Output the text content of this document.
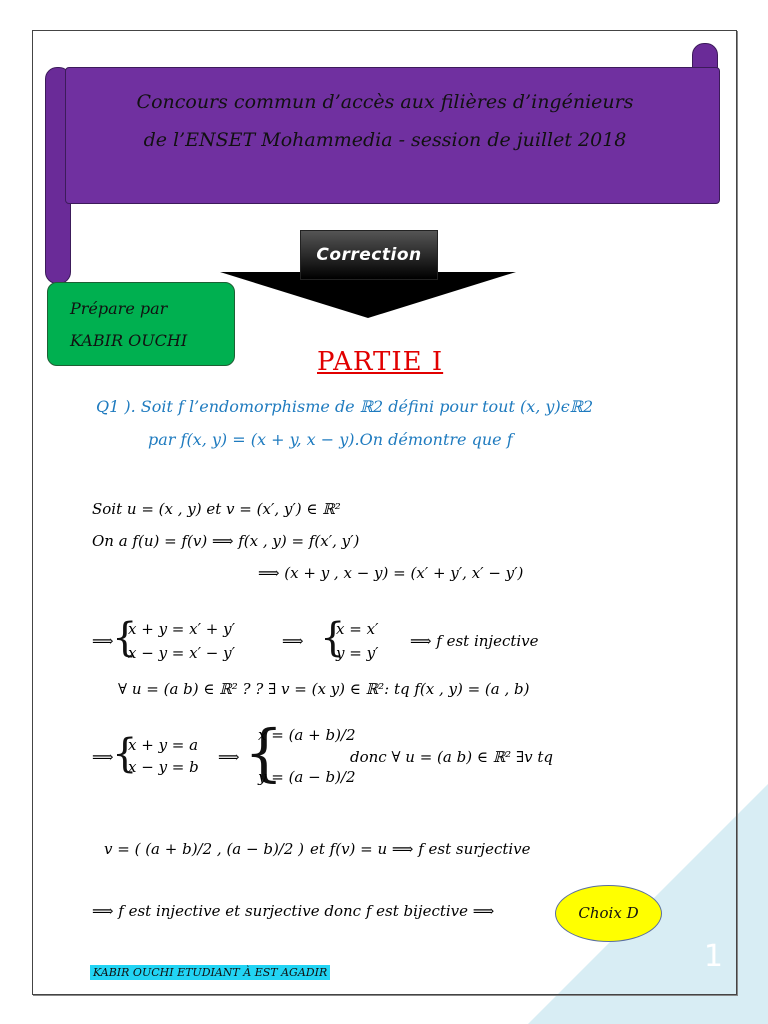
1
Concours commun d’accès aux filières d’ingénieurs
de l’ENSET Mohammedia - session de juillet 2018
Correction
Prépare par
KABIR OUCHI
PARTIE I
Q1 ). Soit f l’endomorphisme de ℝ2 défini pour tout (x, y)ϵℝ2
par f(x, y) = (x + y, x − y).On démontre que f
Soit u = (x , y) et v = (x′, y′) ∈ ℝ²
On a f(u) = f(v) ⟹ f(x , y) = f(x′, y′)
⟹ (x + y , x − y) = (x′ + y′, x′ − y′)
⟹
{
x + y = x′ + y′
x − y = x′ − y′
⟹ {
x = x′
y = y′
⟹ f est injective
∀ u = (a b) ∈ ℝ² ? ? ∃ v = (x y) ∈ ℝ²: tq f(x , y) = (a , b)
⟹
{
x + y = a
x − y = b
⟹ {
x = (a + b)/2
y = (a − b)/2
donc ∀ u = (a b) ∈ ℝ² ∃v tq
v = ( (a + b)/2 , (a − b)/2 ) et f(v) = u ⟹ f est surjective
⟹ f est injective et surjective donc f est bijective ⟹	Choix D
KABIR OUCHI ETUDIANT À EST AGADIR
